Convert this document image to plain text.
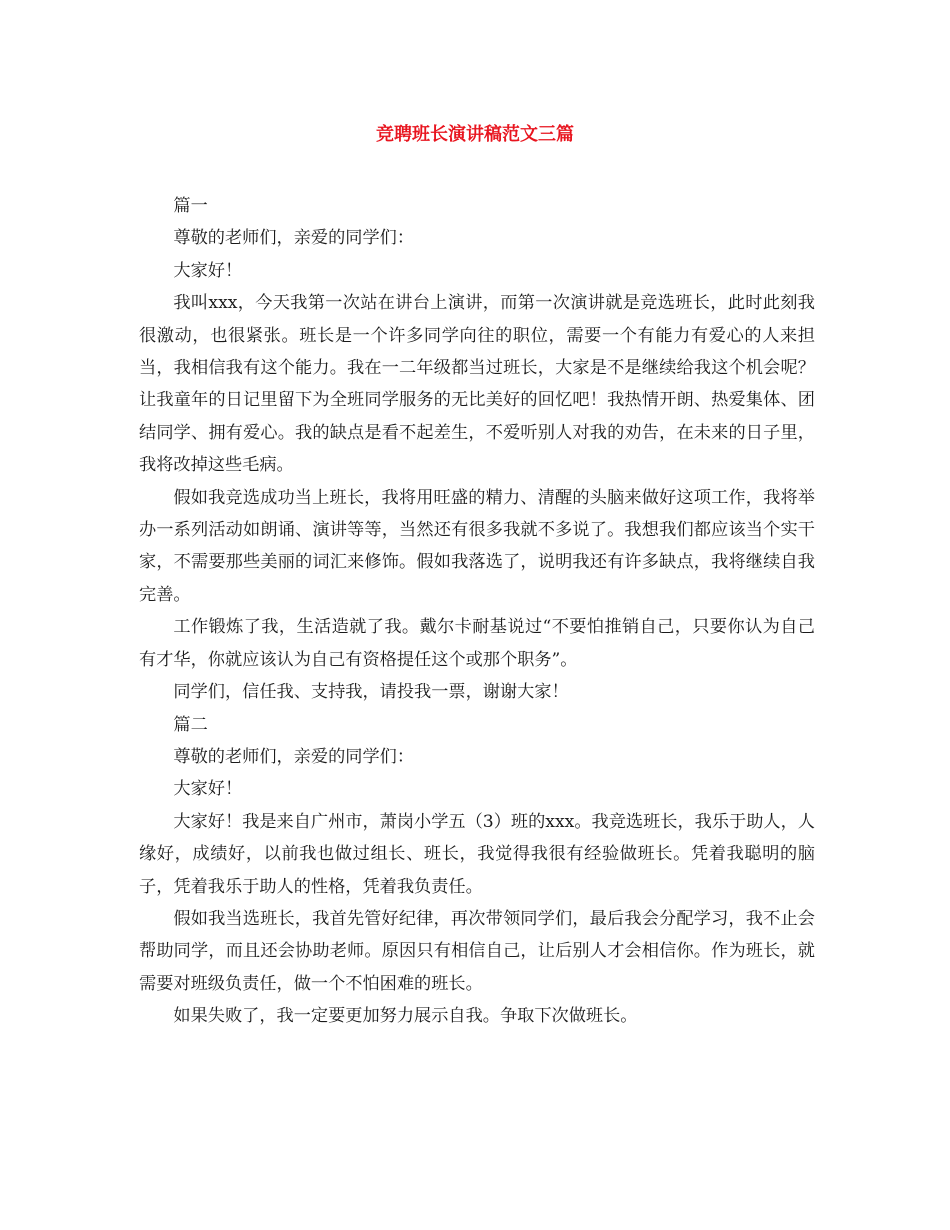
竞聘班长演讲稿范文三篇

篇一

尊敬的老师们，亲爱的同学们：

大家好！

我叫xxx，今天我第一次站在讲台上演讲，而第一次演讲就是竞选班长，此时此刻我很激动，也很紧张。班长是一个许多同学向往的职位，需要一个有能力有爱心的人来担当，我相信我有这个能力。我在一二年级都当过班长，大家是不是继续给我这个机会呢？让我童年的日记里留下为全班同学服务的无比美好的回忆吧！我热情开朗、热爱集体、团结同学、拥有爱心。我的缺点是看不起差生，不爱听别人对我的劝告，在未来的日子里，我将改掉这些毛病。

假如我竞选成功当上班长，我将用旺盛的精力、清醒的头脑来做好这项工作，我将举办一系列活动如朗诵、演讲等等，当然还有很多我就不多说了。我想我们都应该当个实干家，不需要那些美丽的词汇来修饰。假如我落选了，说明我还有许多缺点，我将继续自我完善。

工作锻炼了我，生活造就了我。戴尔卡耐基说过“不要怕推销自己，只要你认为自己有才华，你就应该认为自己有资格提任这个或那个职务”。

同学们，信任我、支持我，请投我一票，谢谢大家！

篇二

尊敬的老师们，亲爱的同学们：

大家好！

大家好！我是来自广州市，萧岗小学五（3）班的xxx。我竞选班长，我乐于助人，人缘好，成绩好，以前我也做过组长、班长，我觉得我很有经验做班长。凭着我聪明的脑子，凭着我乐于助人的性格，凭着我负责任。

假如我当选班长，我首先管好纪律，再次带领同学们，最后我会分配学习，我不止会帮助同学，而且还会协助老师。原因只有相信自己，让后别人才会相信你。作为班长，就需要对班级负责任，做一个不怕困难的班长。

如果失败了，我一定要更加努力展示自我。争取下次做班长。
